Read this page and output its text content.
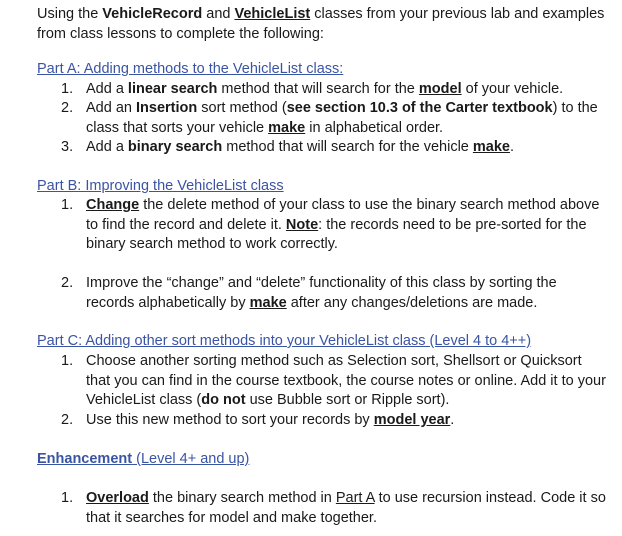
Using the VehicleRecord and VehicleList classes from your previous lab and examples from class lessons to complete the following:
Part A: Adding methods to the VehicleList class:
1. Add a linear search method that will search for the model of your vehicle.
2. Add an Insertion sort method (see section 10.3 of the Carter textbook) to the class that sorts your vehicle make in alphabetical order.
3. Add a binary search method that will search for the vehicle make.
Part B: Improving the VehicleList class
1. Change the delete method of your class to use the binary search method above to find the record and delete it. Note: the records need to be pre-sorted for the binary search method to work correctly.
2. Improve the “change” and “delete” functionality of this class by sorting the records alphabetically by make after any changes/deletions are made.
Part C: Adding other sort methods into your VehicleList class (Level 4 to 4++)
1. Choose another sorting method such as Selection sort, Shellsort or Quicksort that you can find in the course textbook, the course notes or online. Add it to your VehicleList class (do not use Bubble sort or Ripple sort).
2. Use this new method to sort your records by model year.
Enhancement (Level 4+ and up)
1. Overload the binary search method in Part A to use recursion instead. Code it so that it searches for model and make together.
